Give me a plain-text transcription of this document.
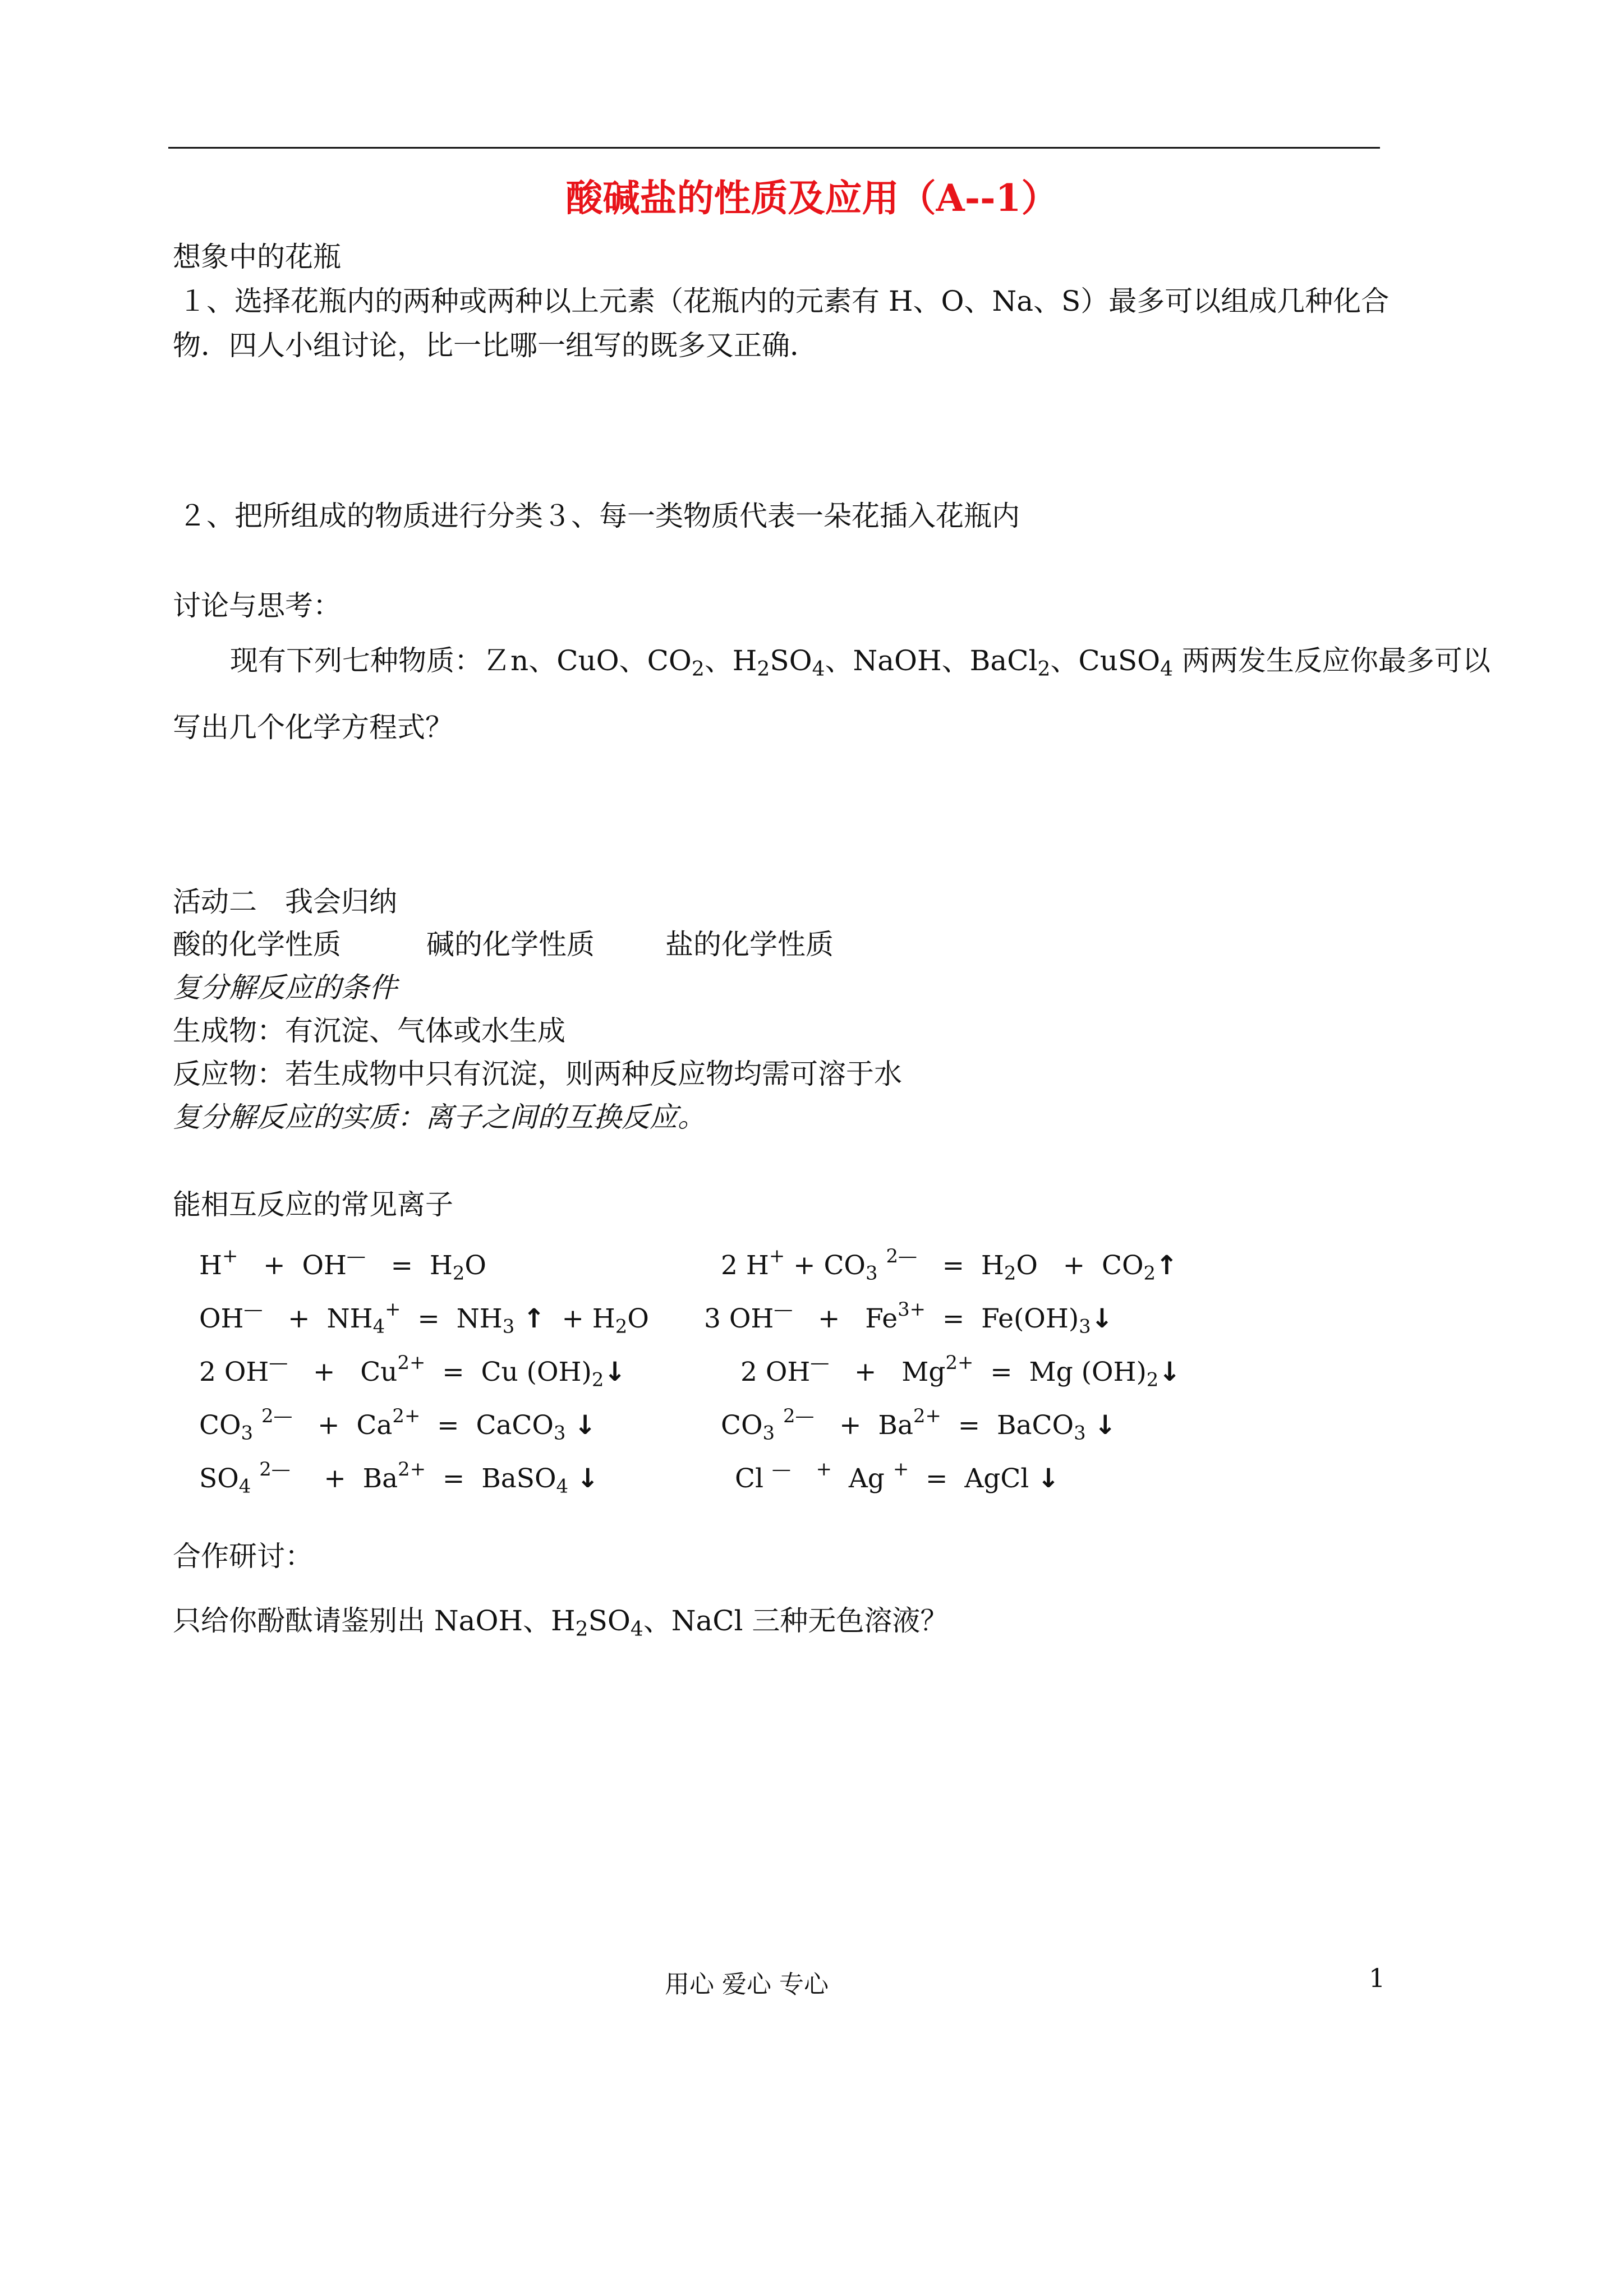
酸碱盐的性质及应用（A--1）
想象中的花瓶
１、选择花瓶内的两种或两种以上元素（花瓶内的元素有 H、O、Na、S）最多可以组成几种化合
物．四人小组讨论，比一比哪一组写的既多又正确．
２、把所组成的物质进行分类３、每一类物质代表一朵花插入花瓶内
讨论与思考：
现有下列七种物质：Ｚn、CuO、$CO_2$、$H_2SO_4$、NaOH、BaCl$_2$、CuSO$_4$ 两两发生反应你最多可以
写出几个化学方程式？
活动二　我会归纳
酸的化学性质	碱的化学性质	盐的化学性质
复分解反应的条件
生成物：有沉淀、气体或水生成
反应物：若生成物中只有沉淀，则两种反应物均需可溶于水
复分解反应的实质：离子之间的互换反应。
能相互反应的常见离子
$H^+ + OH^— = H_2O$	2 $H^+ + CO_3$ $^{2—} = H_2O$   +  $CO_2↑$
$OH^— + NH_4^+ = NH_3$ ↑  + $H_2O$ 3 $OH^— + Fe^{3+}$  =  $Fe(OH)_3↓$
2 $OH^— + Cu^{2+} = Cu$ $(OH)_2↓$	2 $OH^— + Mg^{2+} = Mg$ $(OH)_2↓$
$CO_3$ $^{2—} + Ca^{2+}$  =  CaCO$_3$ ↓	$CO_3$ $^{2—} + Ba^{2+}$  =  BaCO$_3$ ↓
$SO_4$ $^{2—}$    +  $Ba^{2+}$  =  BaSO$_4$ ↓	Cl — +  Ag +  =  AgCl ↓
合作研讨：
只给你酚酞请鉴别出 NaOH、$H_2SO_4$、NaCl 三种无色溶液？
用心 爱心 专心	1
